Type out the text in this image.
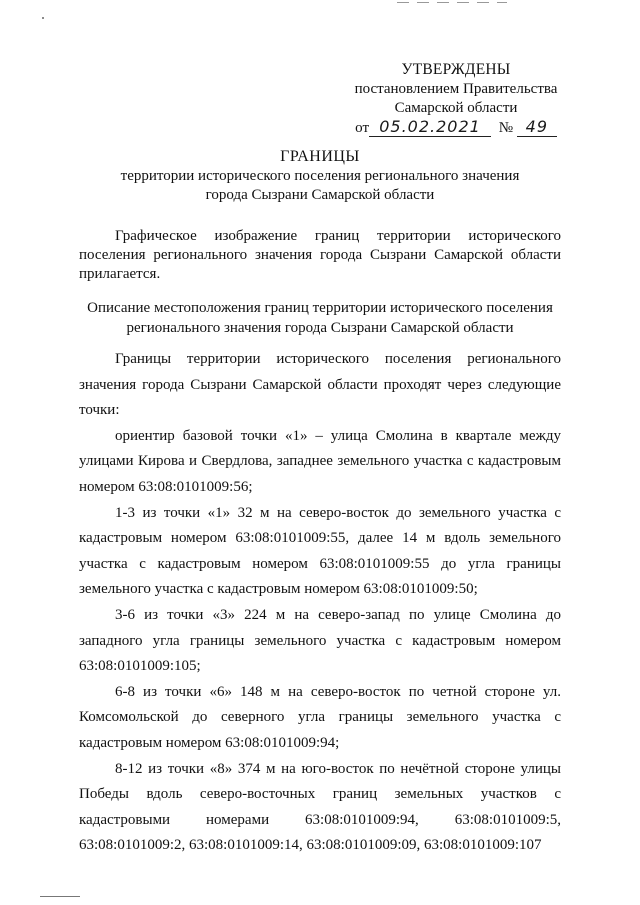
УТВЕРЖДЕНЫ
постановлением Правительства
Самарской области
от 05.02.2021 № 49
ГРАНИЦЫ
территории исторического поселения регионального значения
города Сызрани Самарской области
Графическое изображение границ территории исторического поселения регионального значения города Сызрани Самарской области прилагается.
Описание местоположения границ территории исторического поселения
регионального значения города Сызрани Самарской области

Границы территории исторического поселения регионального значения города Сызрани Самарской области проходят через следующие точки:

ориентир базовой точки «1» – улица Смолина в квартале между улицами Кирова и Свердлова, западнее земельного участка с кадастровым номером 63:08:0101009:56;

1-3 из точки «1» 32 м на северо-восток до земельного участка с кадастровым номером 63:08:0101009:55, далее 14 м вдоль земельного участка с кадастровым номером 63:08:0101009:55 до угла границы земельного участка с кадастровым номером 63:08:0101009:50;

3-6 из точки «3» 224 м на северо-запад по улице Смолина до западного угла границы земельного участка с кадастровым номером 63:08:0101009:105;

6-8 из точки «6» 148 м на северо-восток по четной стороне ул. Комсомольской до северного угла границы земельного участка с кадастровым номером 63:08:0101009:94;

8-12 из точки «8» 374 м на юго-восток по нечётной стороне улицы Победы вдоль северо-восточных границ земельных участков с кадастровыми номерами 63:08:0101009:94, 63:08:0101009:5, 63:08:0101009:2, 63:08:0101009:14, 63:08:0101009:09, 63:08:0101009:107
